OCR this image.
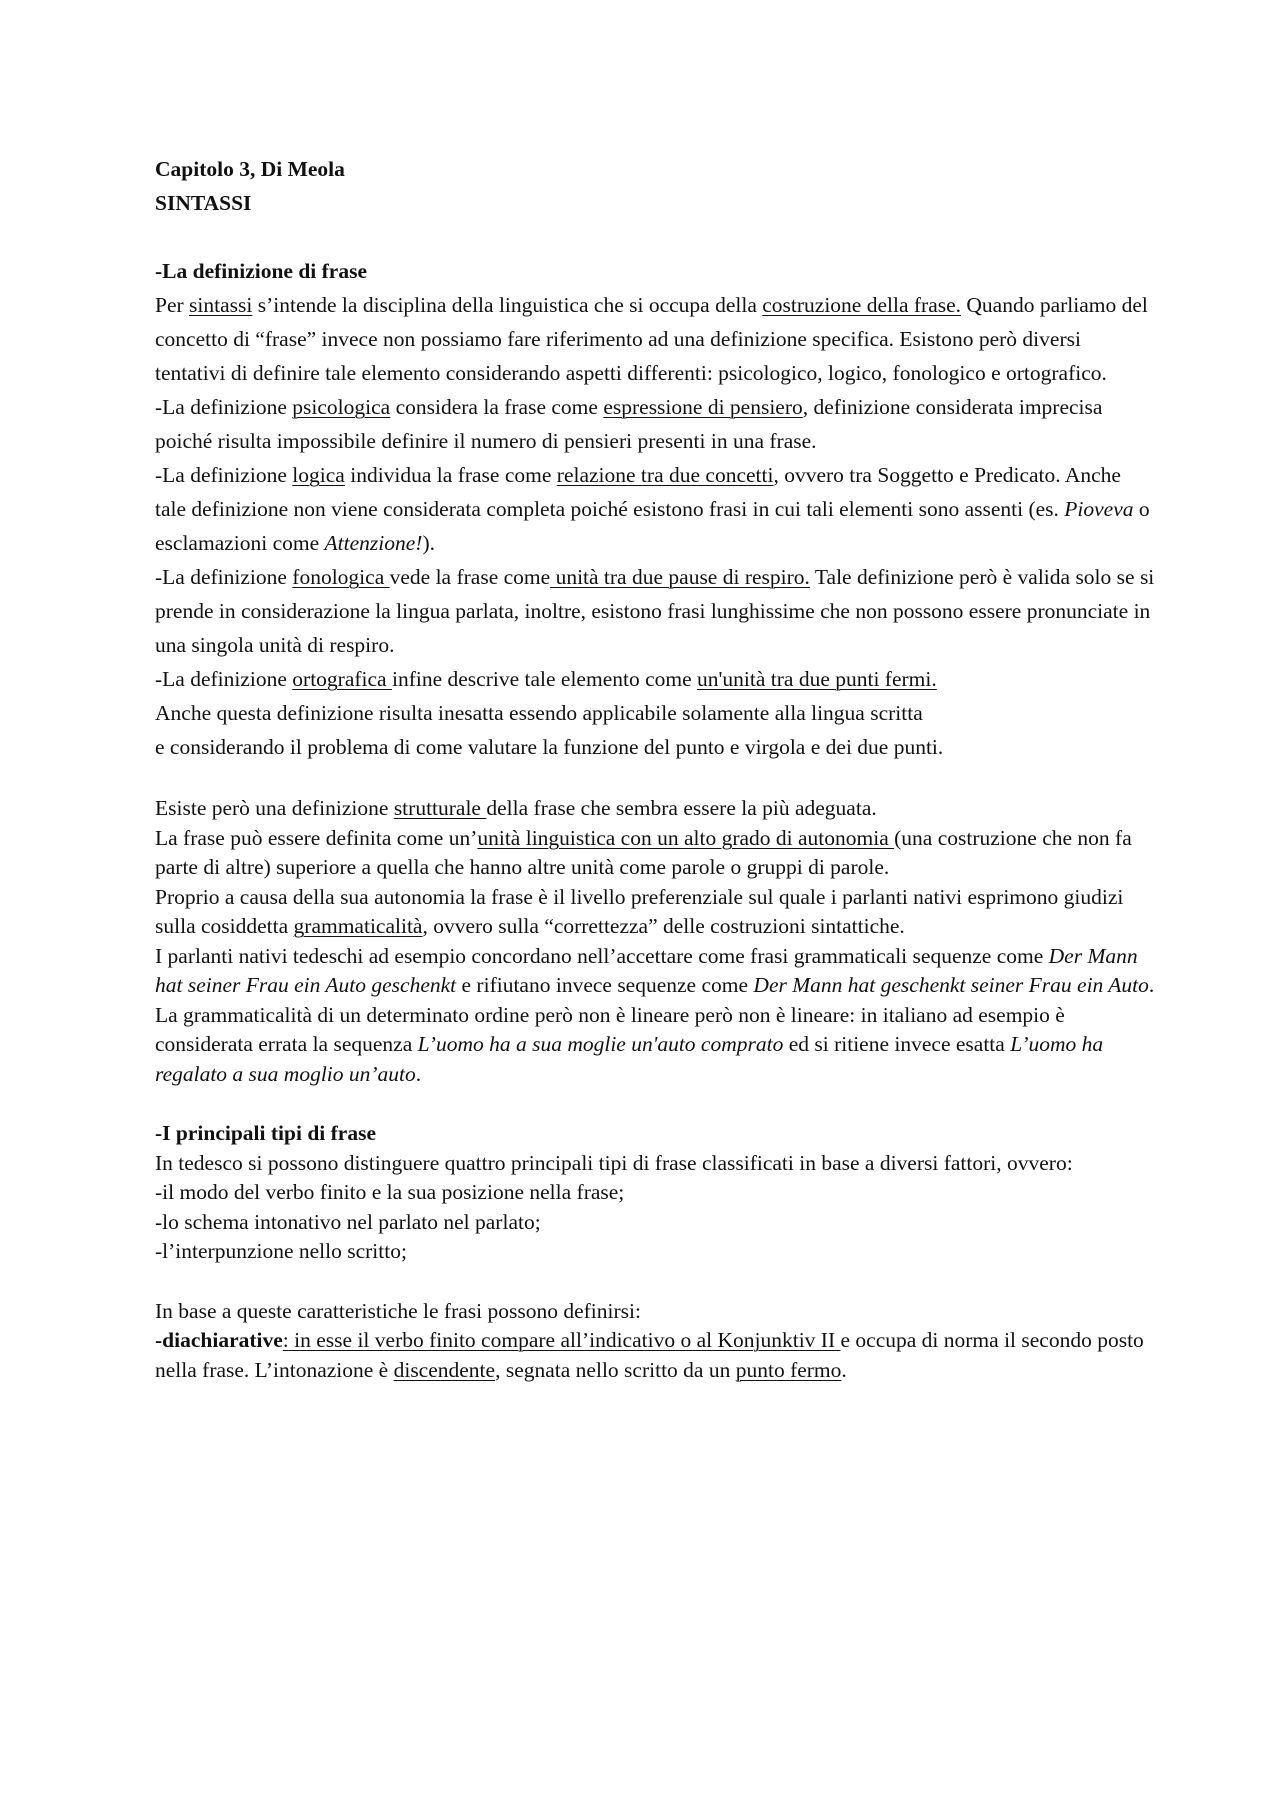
Capitolo 3, Di Meola
SINTASSI
-La definizione di frase
Per sintassi s’intende la disciplina della linguistica che si occupa della costruzione della frase. Quando parliamo del concetto di “frase” invece non possiamo fare riferimento ad una definizione specifica. Esistono però diversi tentativi di definire tale elemento considerando aspetti differenti: psicologico, logico, fonologico e ortografico.
-La definizione psicologica considera la frase come espressione di pensiero, definizione considerata imprecisa poiché risulta impossibile definire il numero di pensieri presenti in una frase.
-La definizione logica individua la frase come relazione tra due concetti, ovvero tra Soggetto e Predicato. Anche tale definizione non viene considerata completa poiché esistono frasi in cui tali elementi sono assenti (es. Pioveva o esclamazioni come Attenzione!).
-La definizione fonologica vede la frase come unità tra due pause di respiro. Tale definizione però è valida solo se si prende in considerazione la lingua parlata, inoltre, esistono frasi lunghissime che non possono essere pronunciate in una singola unità di respiro.
-La definizione ortografica infine descrive tale elemento come un'unità tra due punti fermi.
Anche questa definizione risulta inesatta essendo applicabile solamente alla lingua scritta
e considerando il problema di come valutare la funzione del punto e virgola e dei due punti.
Esiste però una definizione strutturale della frase che sembra essere la più adeguata.
La frase può essere definita come un’unità linguistica con un alto grado di autonomia (una costruzione che non fa parte di altre) superiore a quella che hanno altre unità come parole o gruppi di parole.
Proprio a causa della sua autonomia la frase è il livello preferenziale sul quale i parlanti nativi esprimono giudizi sulla cosiddetta grammaticalità, ovvero sulla “correttezza” delle costruzioni sintattiche.
I parlanti nativi tedeschi ad esempio concordano nell’accettare come frasi grammaticali sequenze come Der Mann hat seiner Frau ein Auto geschenkt e rifiutano invece sequenze come Der Mann hat geschenkt seiner Frau ein Auto.
La grammaticalità di un determinato ordine però non è lineare però non è lineare: in italiano ad esempio è considerata errata la sequenza L’uomo ha a sua moglie un'auto comprato ed si ritiene invece esatta L’uomo ha regalato a sua moglio un’auto.
-I principali tipi di frase
In tedesco si possono distinguere quattro principali tipi di frase classificati in base a diversi fattori, ovvero:
-il modo del verbo finito e la sua posizione nella frase;
-lo schema intonativo nel parlato nel parlato;
-l’interpunzione nello scritto;
In base a queste caratteristiche le frasi possono definirsi:
-diachiarative: in esse il verbo finito compare all’indicativo o al Konjunktiv II e occupa di norma il secondo posto nella frase. L’intonazione è discendente, segnata nello scritto da un punto fermo.
